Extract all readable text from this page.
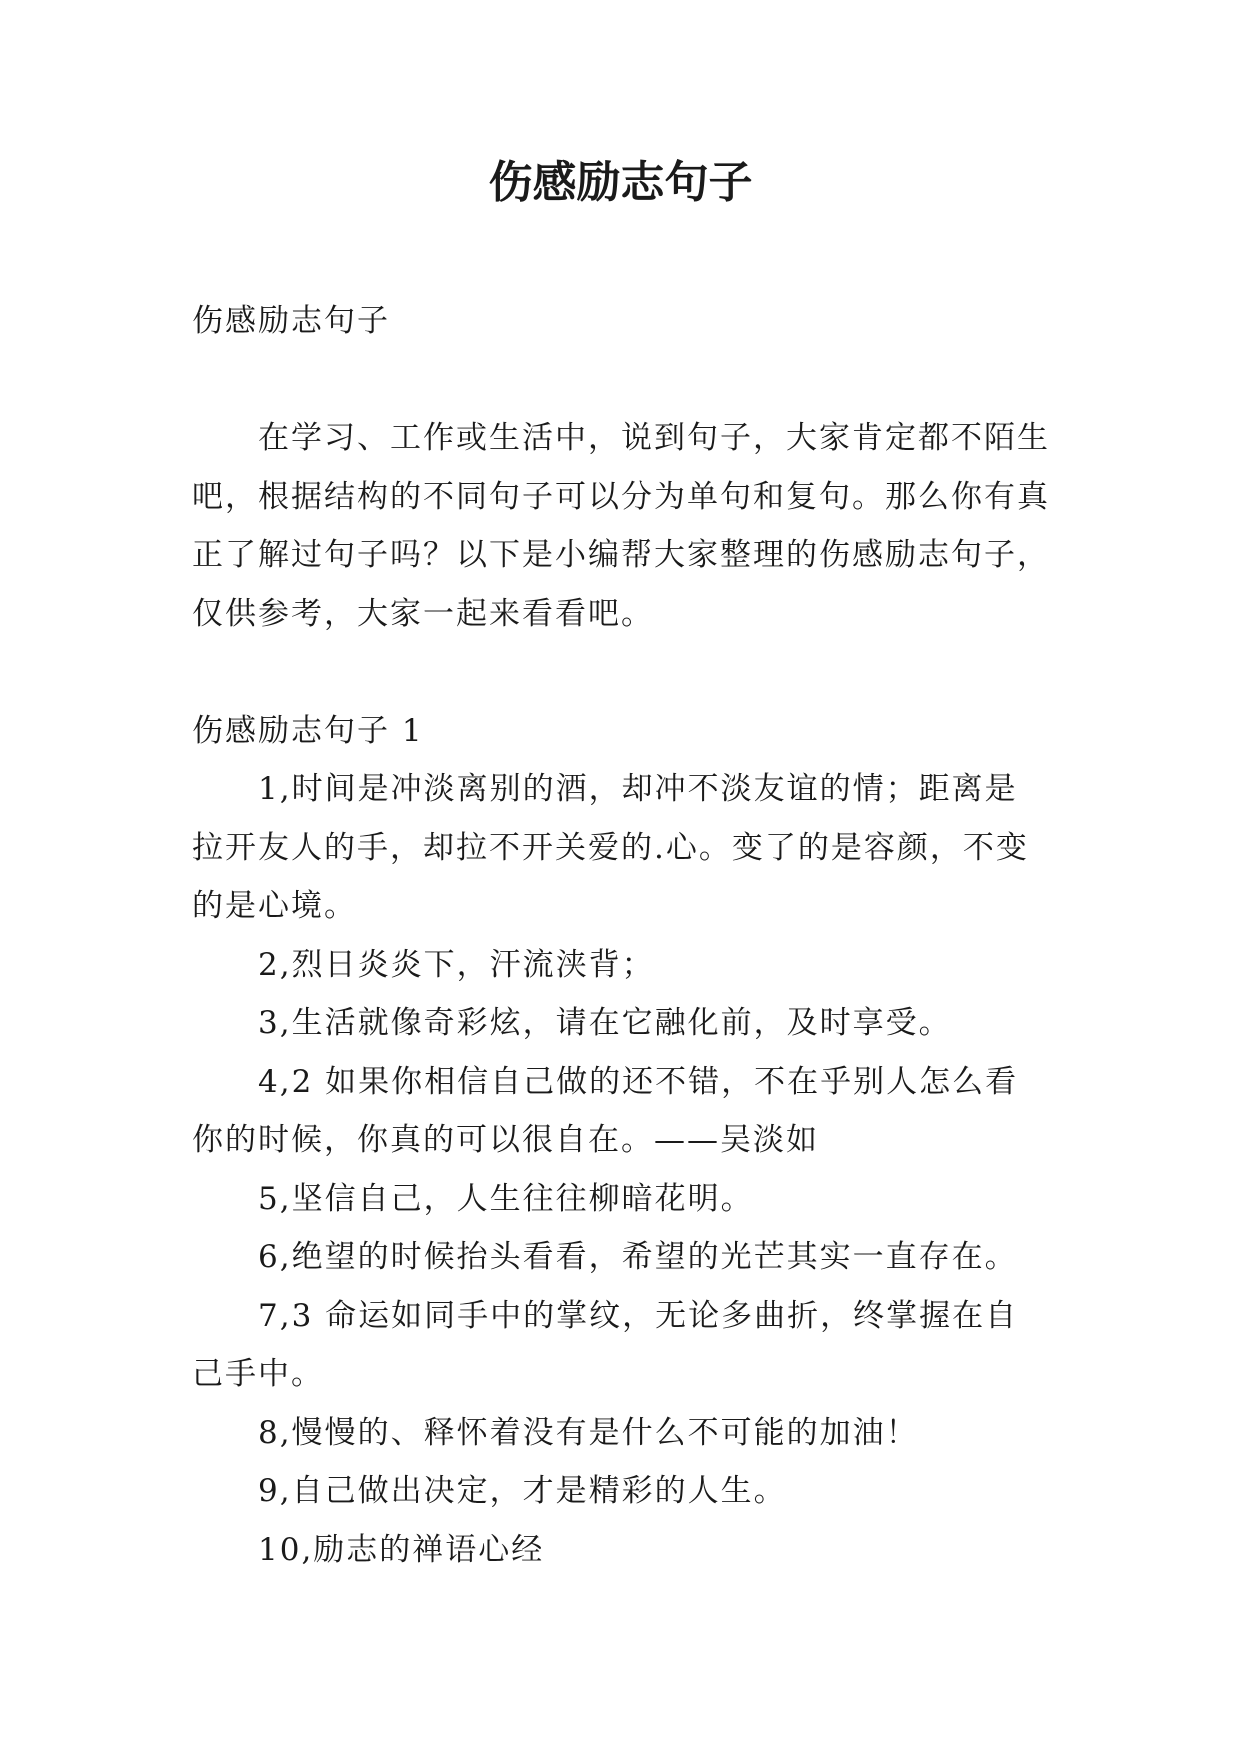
伤感励志句子

伤感励志句子

在学习、工作或生活中，说到句子，大家肯定都不陌生吧，根据结构的不同句子可以分为单句和复句。那么你有真正了解过句子吗？以下是小编帮大家整理的伤感励志句子，仅供参考，大家一起来看看吧。

伤感励志句子 1

1,时间是冲淡离别的酒，却冲不淡友谊的情；距离是拉开友人的手，却拉不开关爱的.心。变了的是容颜，不变的是心境。

2,烈日炎炎下，汗流浃背；

3,生活就像奇彩炫，请在它融化前，及时享受。

4,2 如果你相信自己做的还不错，不在乎别人怎么看你的时候，你真的可以很自在。——吴淡如

5,坚信自己，人生往往柳暗花明。

6,绝望的时候抬头看看，希望的光芒其实一直存在。

7,3 命运如同手中的掌纹，无论多曲折，终掌握在自己手中。

8,慢慢的、释怀着没有是什么不可能的加油！

9,自己做出决定，才是精彩的人生。

10,励志的禅语心经
